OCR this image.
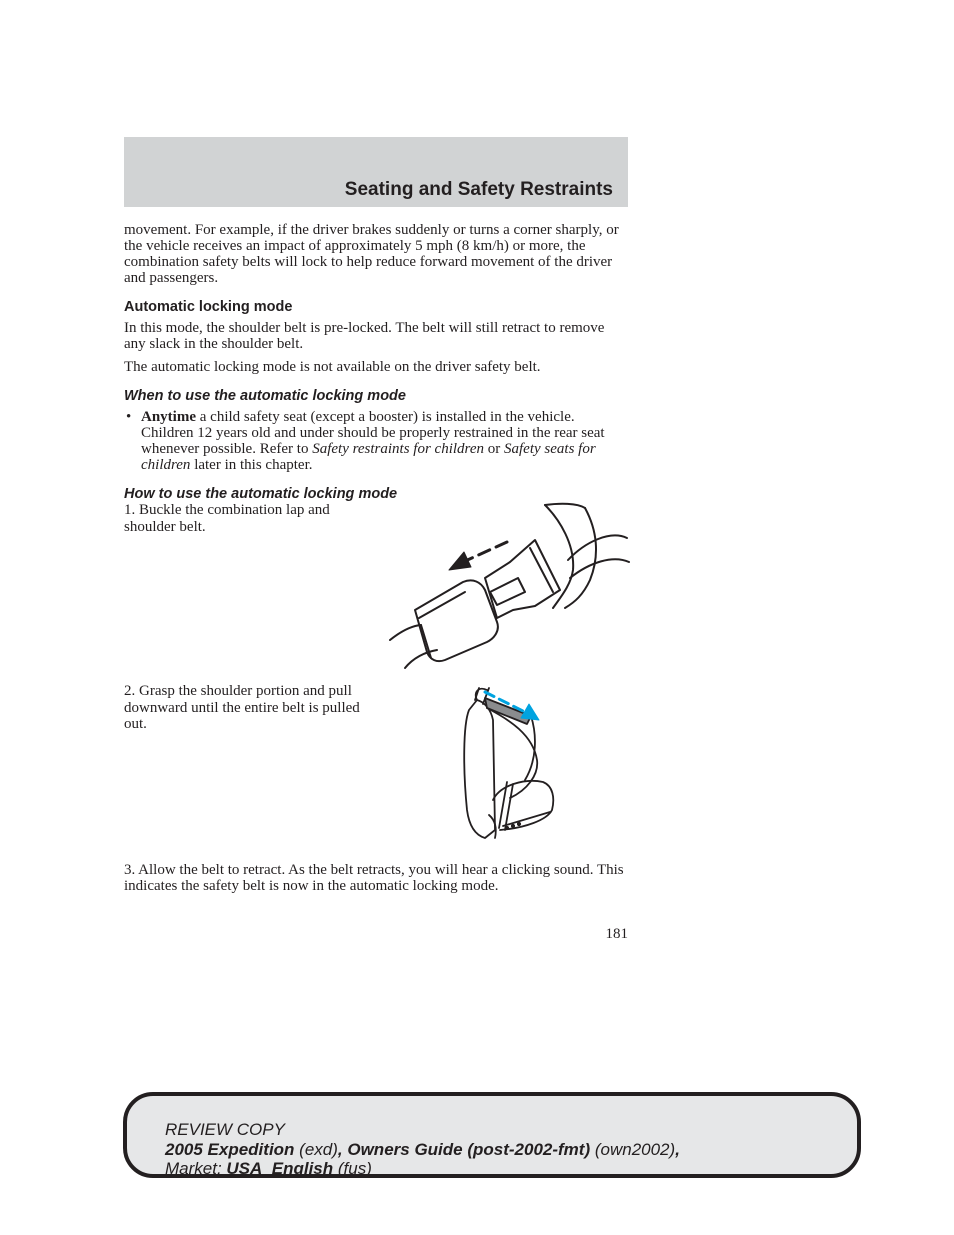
Seating and Safety Restraints

movement. For example, if the driver brakes suddenly or turns a corner sharply, or the vehicle receives an impact of approximately 5 mph (8 km/h) or more, the combination safety belts will lock to help reduce forward movement of the driver and passengers.

Automatic locking mode

In this mode, the shoulder belt is pre-locked. The belt will still retract to remove any slack in the shoulder belt.

The automatic locking mode is not available on the driver safety belt.

When to use the automatic locking mode
• Anytime a child safety seat (except a booster) is installed in the vehicle. Children 12 years old and under should be properly restrained in the rear seat whenever possible. Refer to Safety restraints for children or Safety seats for children later in this chapter.
How to use the automatic locking mode
1. Buckle the combination lap and shoulder belt.
2. Grasp the shoulder portion and pull downward until the entire belt is pulled out.
3. Allow the belt to retract. As the belt retracts, you will hear a clicking sound. This indicates the safety belt is now in the automatic locking mode.
181
REVIEW COPY
2005 Expedition (exd), Owners Guide (post-2002-fmt) (own2002),
Market: USA_English (fus)
